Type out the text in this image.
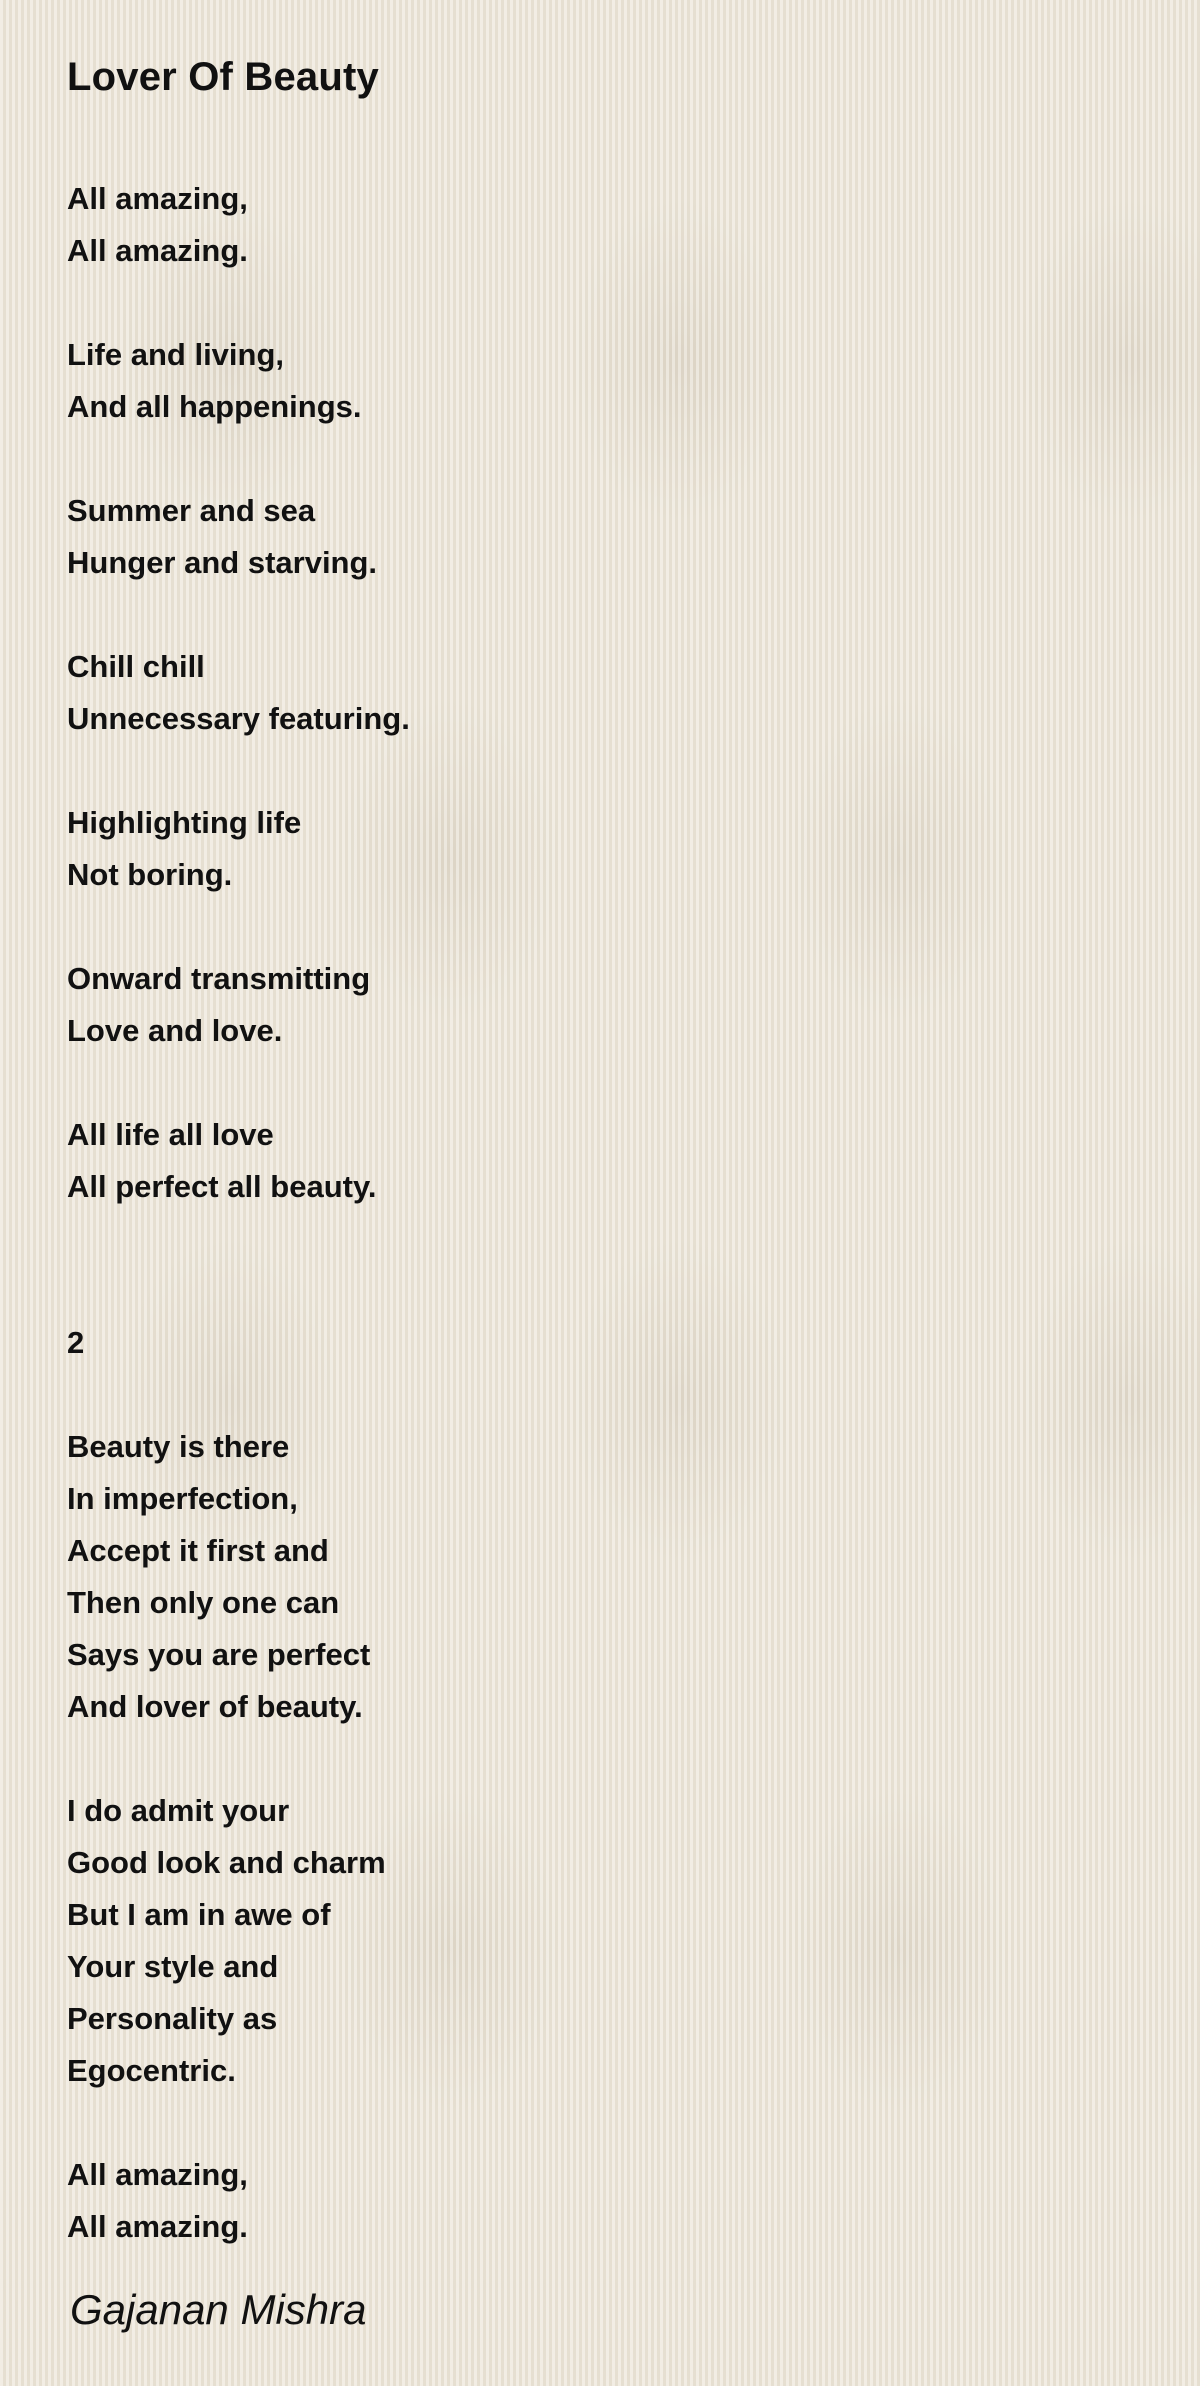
Lover Of Beauty
All amazing,
All amazing.
Life and living,
And all happenings.
Summer and sea
Hunger and starving.
Chill chill
Unnecessary featuring.
Highlighting life
Not boring.
Onward transmitting
Love and love.
All life all love
All perfect all beauty.
2
Beauty is there
In imperfection,
Accept it first and
Then only one can
Says you are perfect
And lover of beauty.
I do admit your
Good look and charm
But I am in awe of
Your style and
Personality as
Egocentric.
All amazing,
All amazing.
Gajanan Mishra
